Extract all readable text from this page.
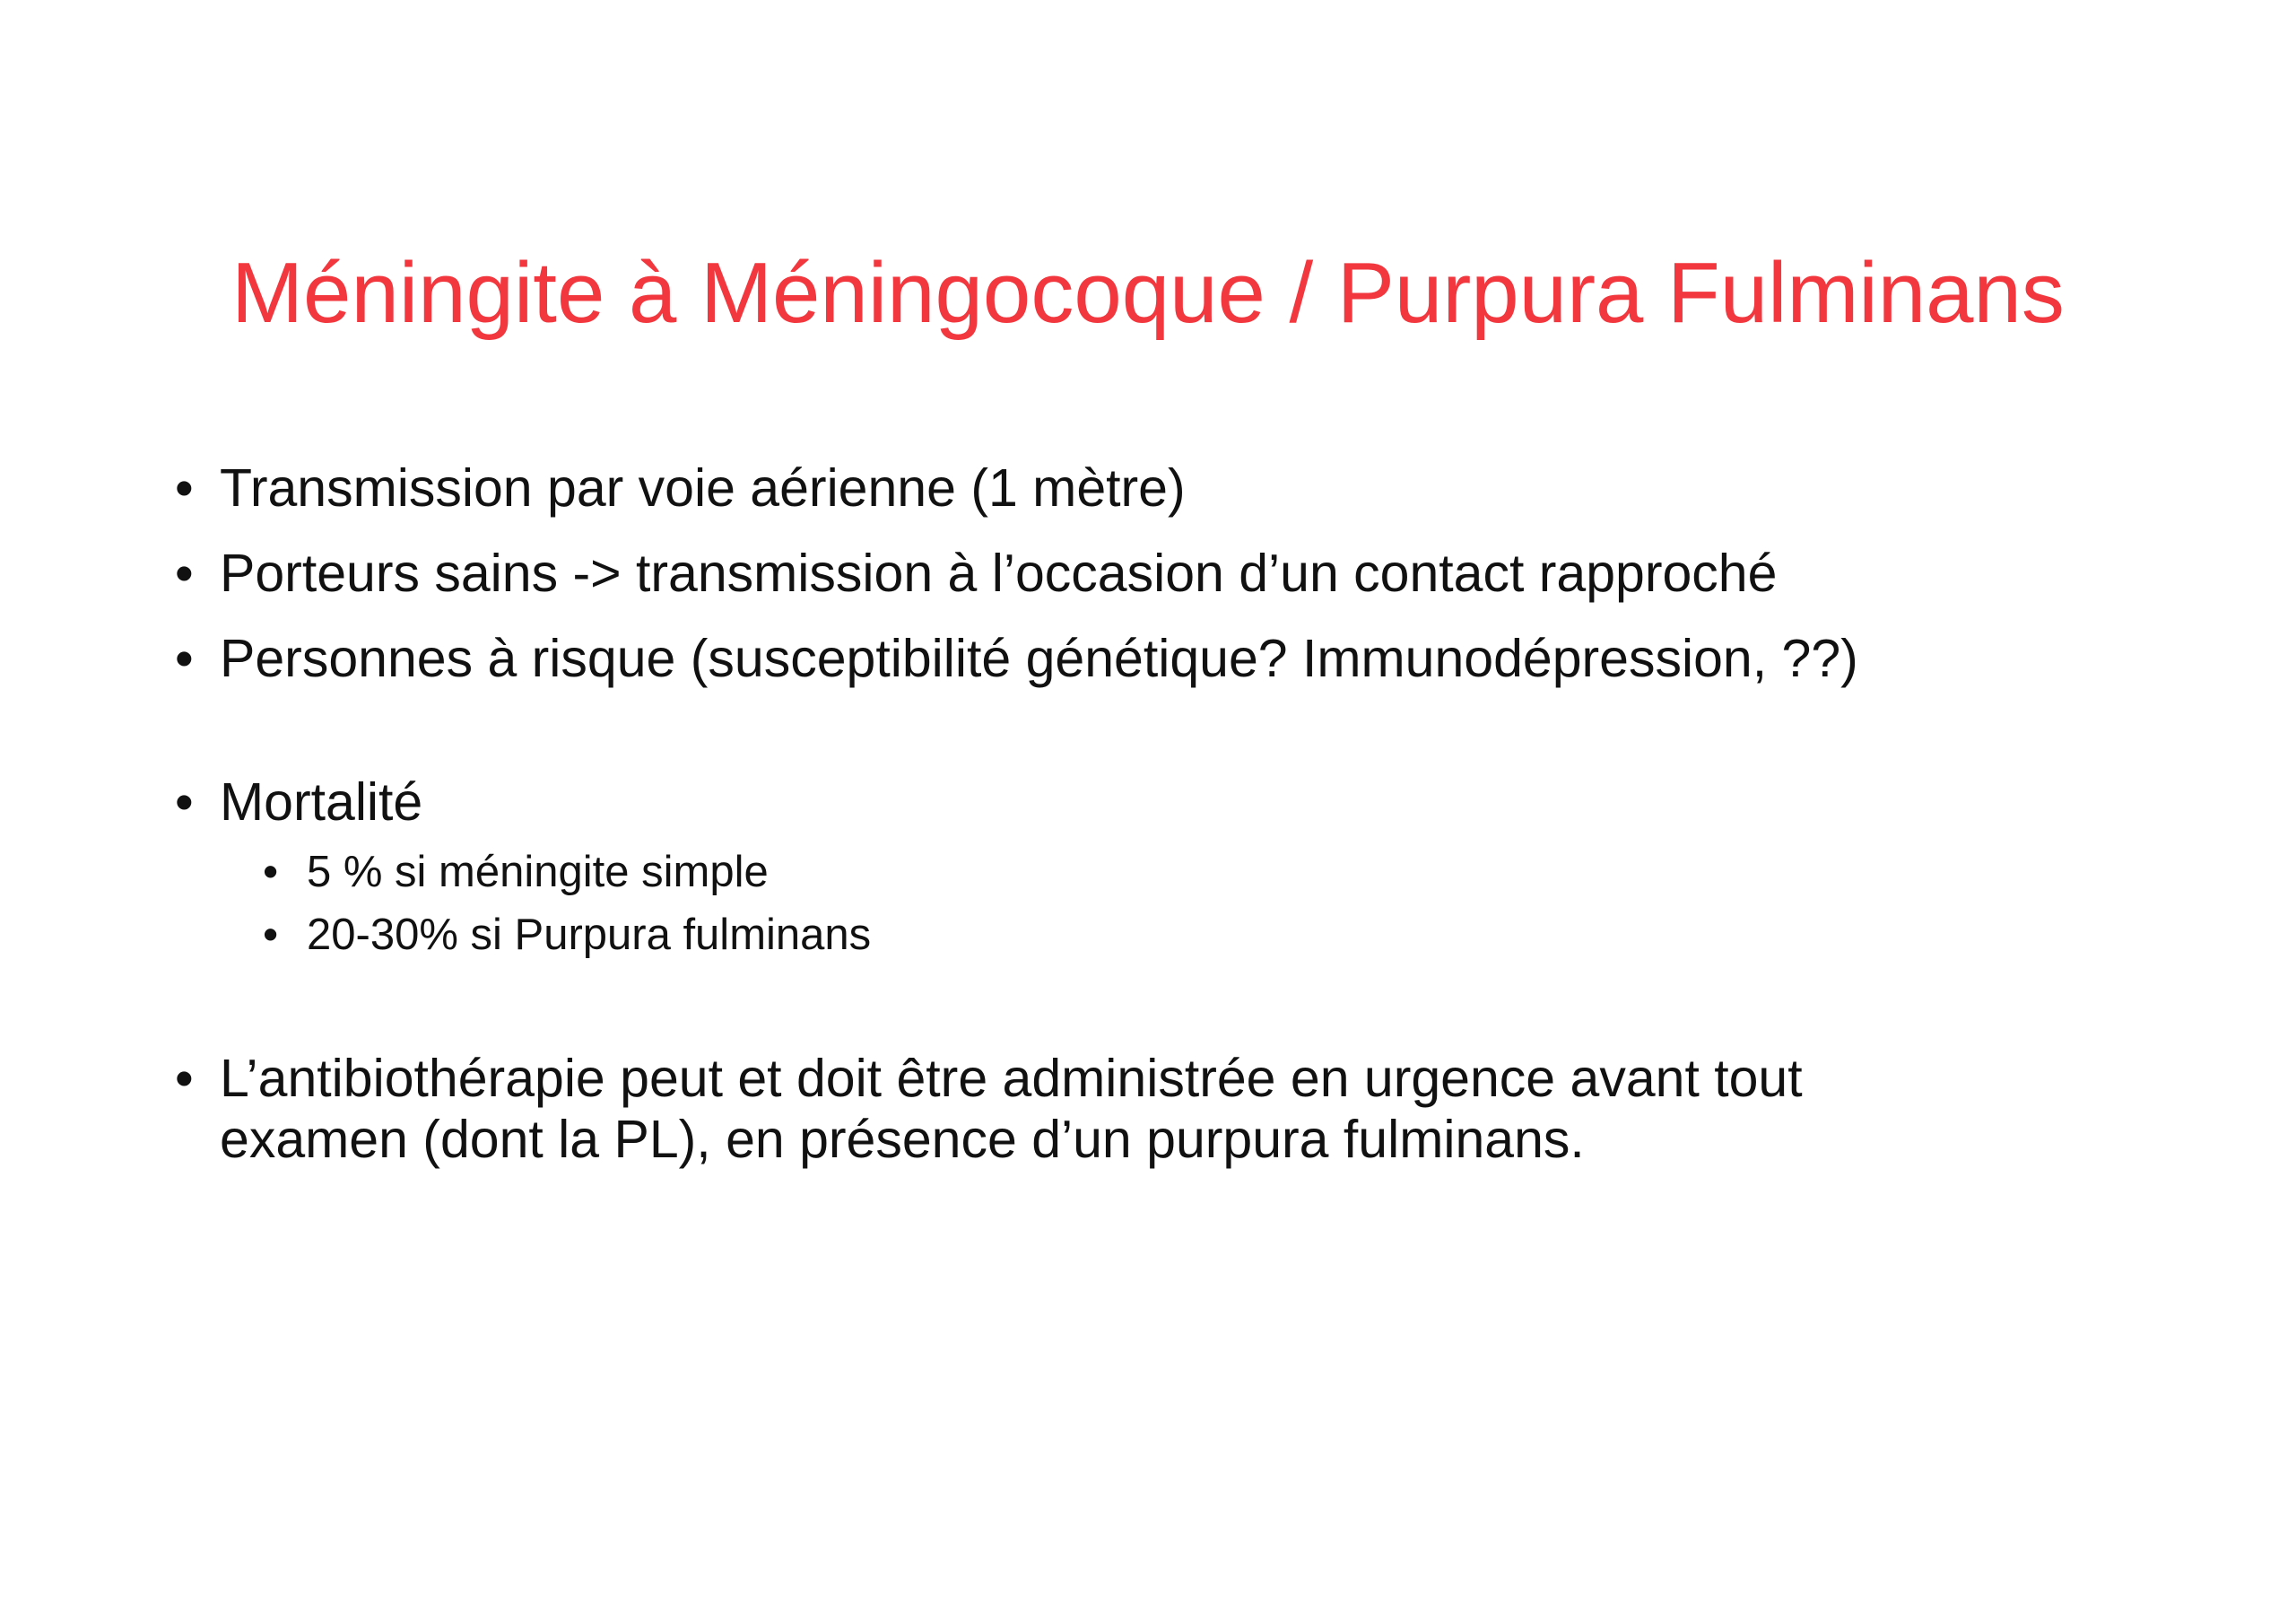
Méningite à Méningocoque / Purpura Fulminans
• Transmission par voie aérienne (1 mètre)
• Porteurs sains -> transmission à l’occasion d’un contact rapproché
• Personnes à risque (susceptibilité génétique? Immunodépression, ??)
• Mortalité
• 5 % si méningite simple
• 20-30% si Purpura fulminans
• L’antibiothérapie peut et doit être administrée en urgence avant tout
examen (dont la PL), en présence d’un purpura fulminans.
